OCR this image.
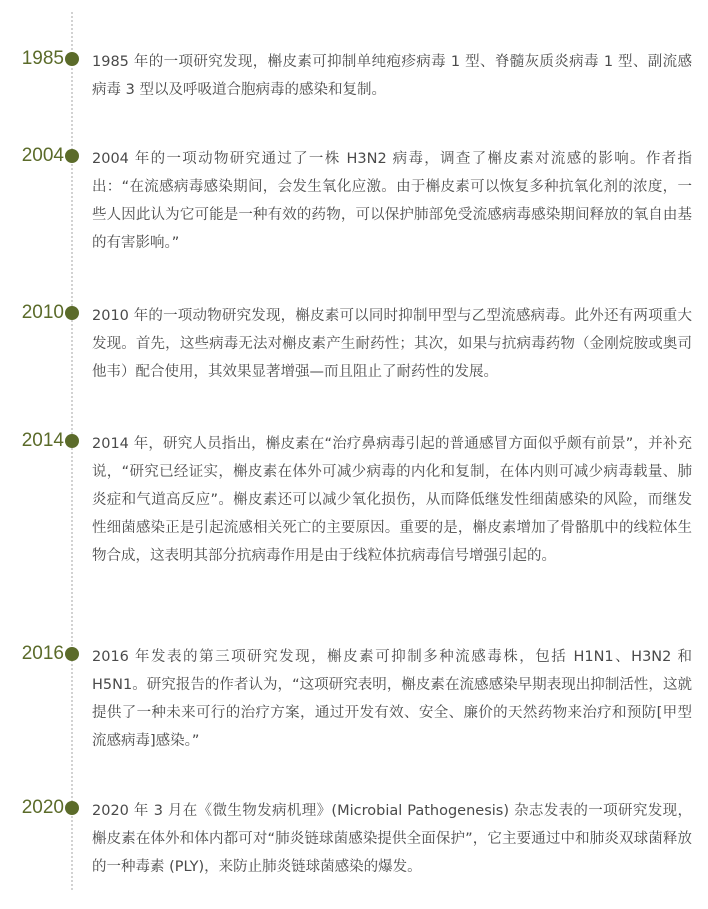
1985 1985 年的一项研究发现，槲皮素可抑制单纯疱疹病毒 1 型、脊髓灰质炎病毒 1 型、副流感病毒 3 型以及呼吸道合胞病毒的感染和复制。

2004 2004 年的一项动物研究通过了一株 H3N2 病毒，调查了槲皮素对流感的影响。作者指出：“在流感病毒感染期间，会发生氧化应激。由于槲皮素可以恢复多种抗氧化剂的浓度，一些人因此认为它可能是一种有效的药物，可以保护肺部免受流感病毒感染期间释放的氧自由基的有害影响。”

2010 2010 年的一项动物研究发现，槲皮素可以同时抑制甲型与乙型流感病毒。此外还有两项重大发现。首先，这些病毒无法对槲皮素产生耐药性；其次，如果与抗病毒药物（金刚烷胺或奥司他韦）配合使用，其效果显著增强—而且阻止了耐药性的发展。

2014 2014 年，研究人员指出，槲皮素在“治疗鼻病毒引起的普通感冒方面似乎颇有前景”，并补充说，“研究已经证实，槲皮素在体外可减少病毒的内化和复制，在体内则可减少病毒载量、肺炎症和气道高反应”。槲皮素还可以减少氧化损伤，从而降低继发性细菌感染的风险，而继发性细菌感染正是引起流感相关死亡的主要原因。重要的是，槲皮素增加了骨骼肌中的线粒体生物合成，这表明其部分抗病毒作用是由于线粒体抗病毒信号增强引起的。

2016 2016 年发表的第三项研究发现，槲皮素可抑制多种流感毒株，包括 H1N1、H3N2 和 H5N1。研究报告的作者认为，“这项研究表明，槲皮素在流感感染早期表现出抑制活性，这就提供了一种未来可行的治疗方案，通过开发有效、安全、廉价的天然药物来治疗和预防[甲型流感病毒]感染。”

2020 2020 年 3 月在《微生物发病机理》(Microbial Pathogenesis) 杂志发表的一项研究发现，槲皮素在体外和体内都可对“肺炎链球菌感染提供全面保护”，它主要通过中和肺炎双球菌释放的一种毒素 (PLY)，来防止肺炎链球菌感染的爆发。
